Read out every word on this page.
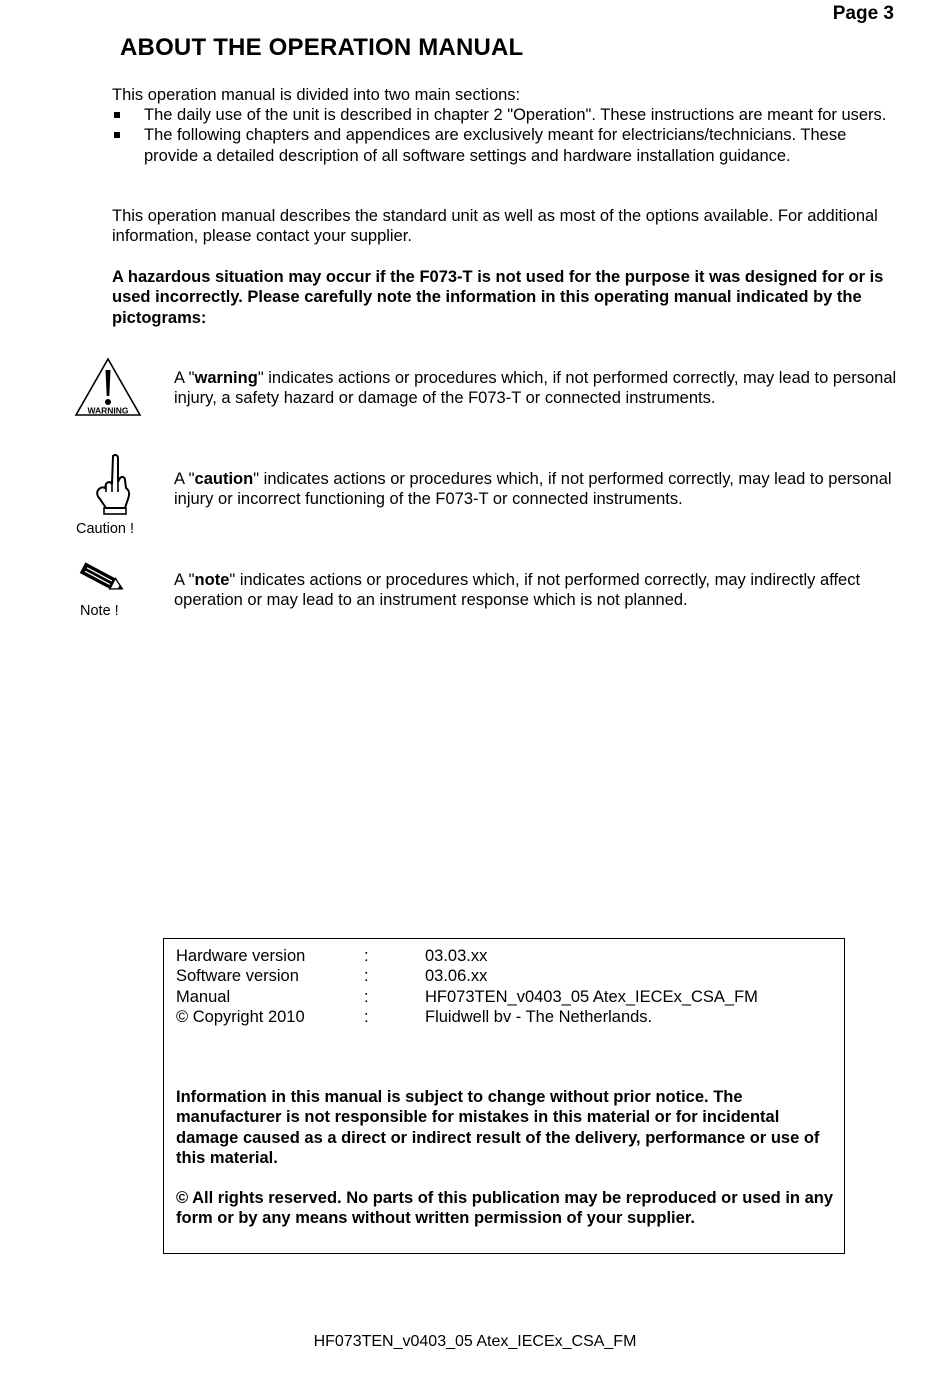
Page 3
ABOUT THE OPERATION MANUAL
This operation manual is divided into two main sections:
The daily use of the unit is described in chapter 2 "Operation". These instructions are meant for users.
The following chapters and appendices are exclusively meant for electricians/technicians. These provide a detailed description of all software settings and hardware installation guidance.
This operation manual describes the standard unit as well as most of the options available. For additional information, please contact your supplier.
A hazardous situation may occur if the F073-T is not used for the purpose it was designed for or is used incorrectly. Please carefully note the information in this operating manual indicated by the pictograms:
WARNING
A "warning" indicates actions or procedures which, if not performed correctly, may lead to personal injury, a safety hazard or damage of the F073-T or connected instruments.
Caution !
A "caution" indicates actions or procedures which, if not performed correctly, may lead to personal injury or incorrect functioning of the F073-T or connected instruments.
Note !
A "note" indicates actions or procedures which, if not performed correctly, may indirectly affect operation or may lead to an instrument response which is not planned.
Hardware version	:	03.03.xx
Software version	:	03.06.xx
Manual	:	HF073TEN_v0403_05 Atex_IECEx_CSA_FM
© Copyright 2010	:	Fluidwell bv - The Netherlands.
Information in this manual is subject to change without prior notice. The manufacturer is not responsible for mistakes in this material or for incidental damage caused as a direct or indirect result of the delivery, performance or use of this material.
© All rights reserved. No parts of this publication may be reproduced or used in any form or by any means without written permission of your supplier.
HF073TEN_v0403_05 Atex_IECEx_CSA_FM
